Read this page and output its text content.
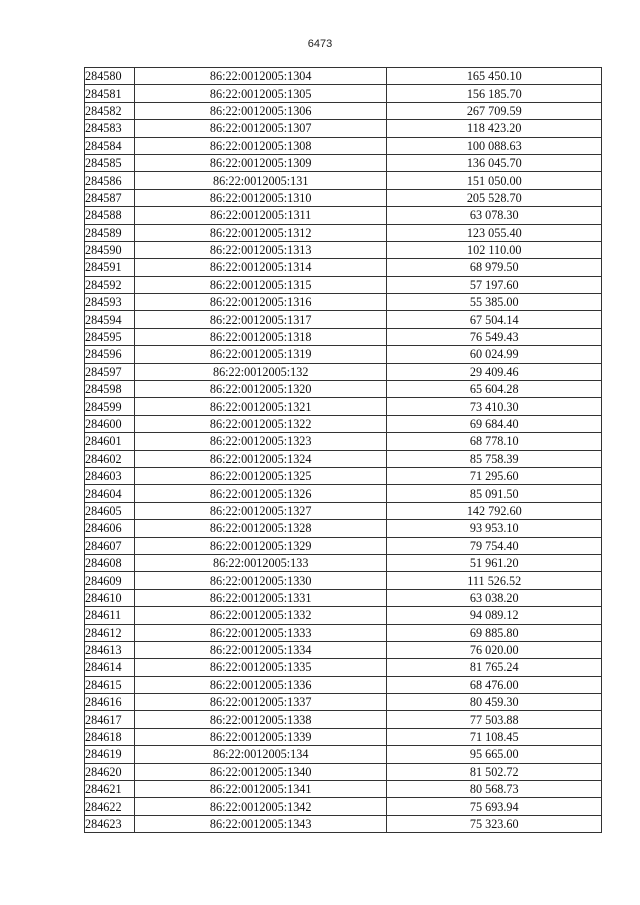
6473
284580	86:22:0012005:1304	165 450.10
284581	86:22:0012005:1305	156 185.70
284582	86:22:0012005:1306	267 709.59
284583	86:22:0012005:1307	118 423.20
284584	86:22:0012005:1308	100 088.63
284585	86:22:0012005:1309	136 045.70
284586	86:22:0012005:131	151 050.00
284587	86:22:0012005:1310	205 528.70
284588	86:22:0012005:1311	63 078.30
284589	86:22:0012005:1312	123 055.40
284590	86:22:0012005:1313	102 110.00
284591	86:22:0012005:1314	68 979.50
284592	86:22:0012005:1315	57 197.60
284593	86:22:0012005:1316	55 385.00
284594	86:22:0012005:1317	67 504.14
284595	86:22:0012005:1318	76 549.43
284596	86:22:0012005:1319	60 024.99
284597	86:22:0012005:132	29 409.46
284598	86:22:0012005:1320	65 604.28
284599	86:22:0012005:1321	73 410.30
284600	86:22:0012005:1322	69 684.40
284601	86:22:0012005:1323	68 778.10
284602	86:22:0012005:1324	85 758.39
284603	86:22:0012005:1325	71 295.60
284604	86:22:0012005:1326	85 091.50
284605	86:22:0012005:1327	142 792.60
284606	86:22:0012005:1328	93 953.10
284607	86:22:0012005:1329	79 754.40
284608	86:22:0012005:133	51 961.20
284609	86:22:0012005:1330	111 526.52
284610	86:22:0012005:1331	63 038.20
284611	86:22:0012005:1332	94 089.12
284612	86:22:0012005:1333	69 885.80
284613	86:22:0012005:1334	76 020.00
284614	86:22:0012005:1335	81 765.24
284615	86:22:0012005:1336	68 476.00
284616	86:22:0012005:1337	80 459.30
284617	86:22:0012005:1338	77 503.88
284618	86:22:0012005:1339	71 108.45
284619	86:22:0012005:134	95 665.00
284620	86:22:0012005:1340	81 502.72
284621	86:22:0012005:1341	80 568.73
284622	86:22:0012005:1342	75 693.94
284623	86:22:0012005:1343	75 323.60
